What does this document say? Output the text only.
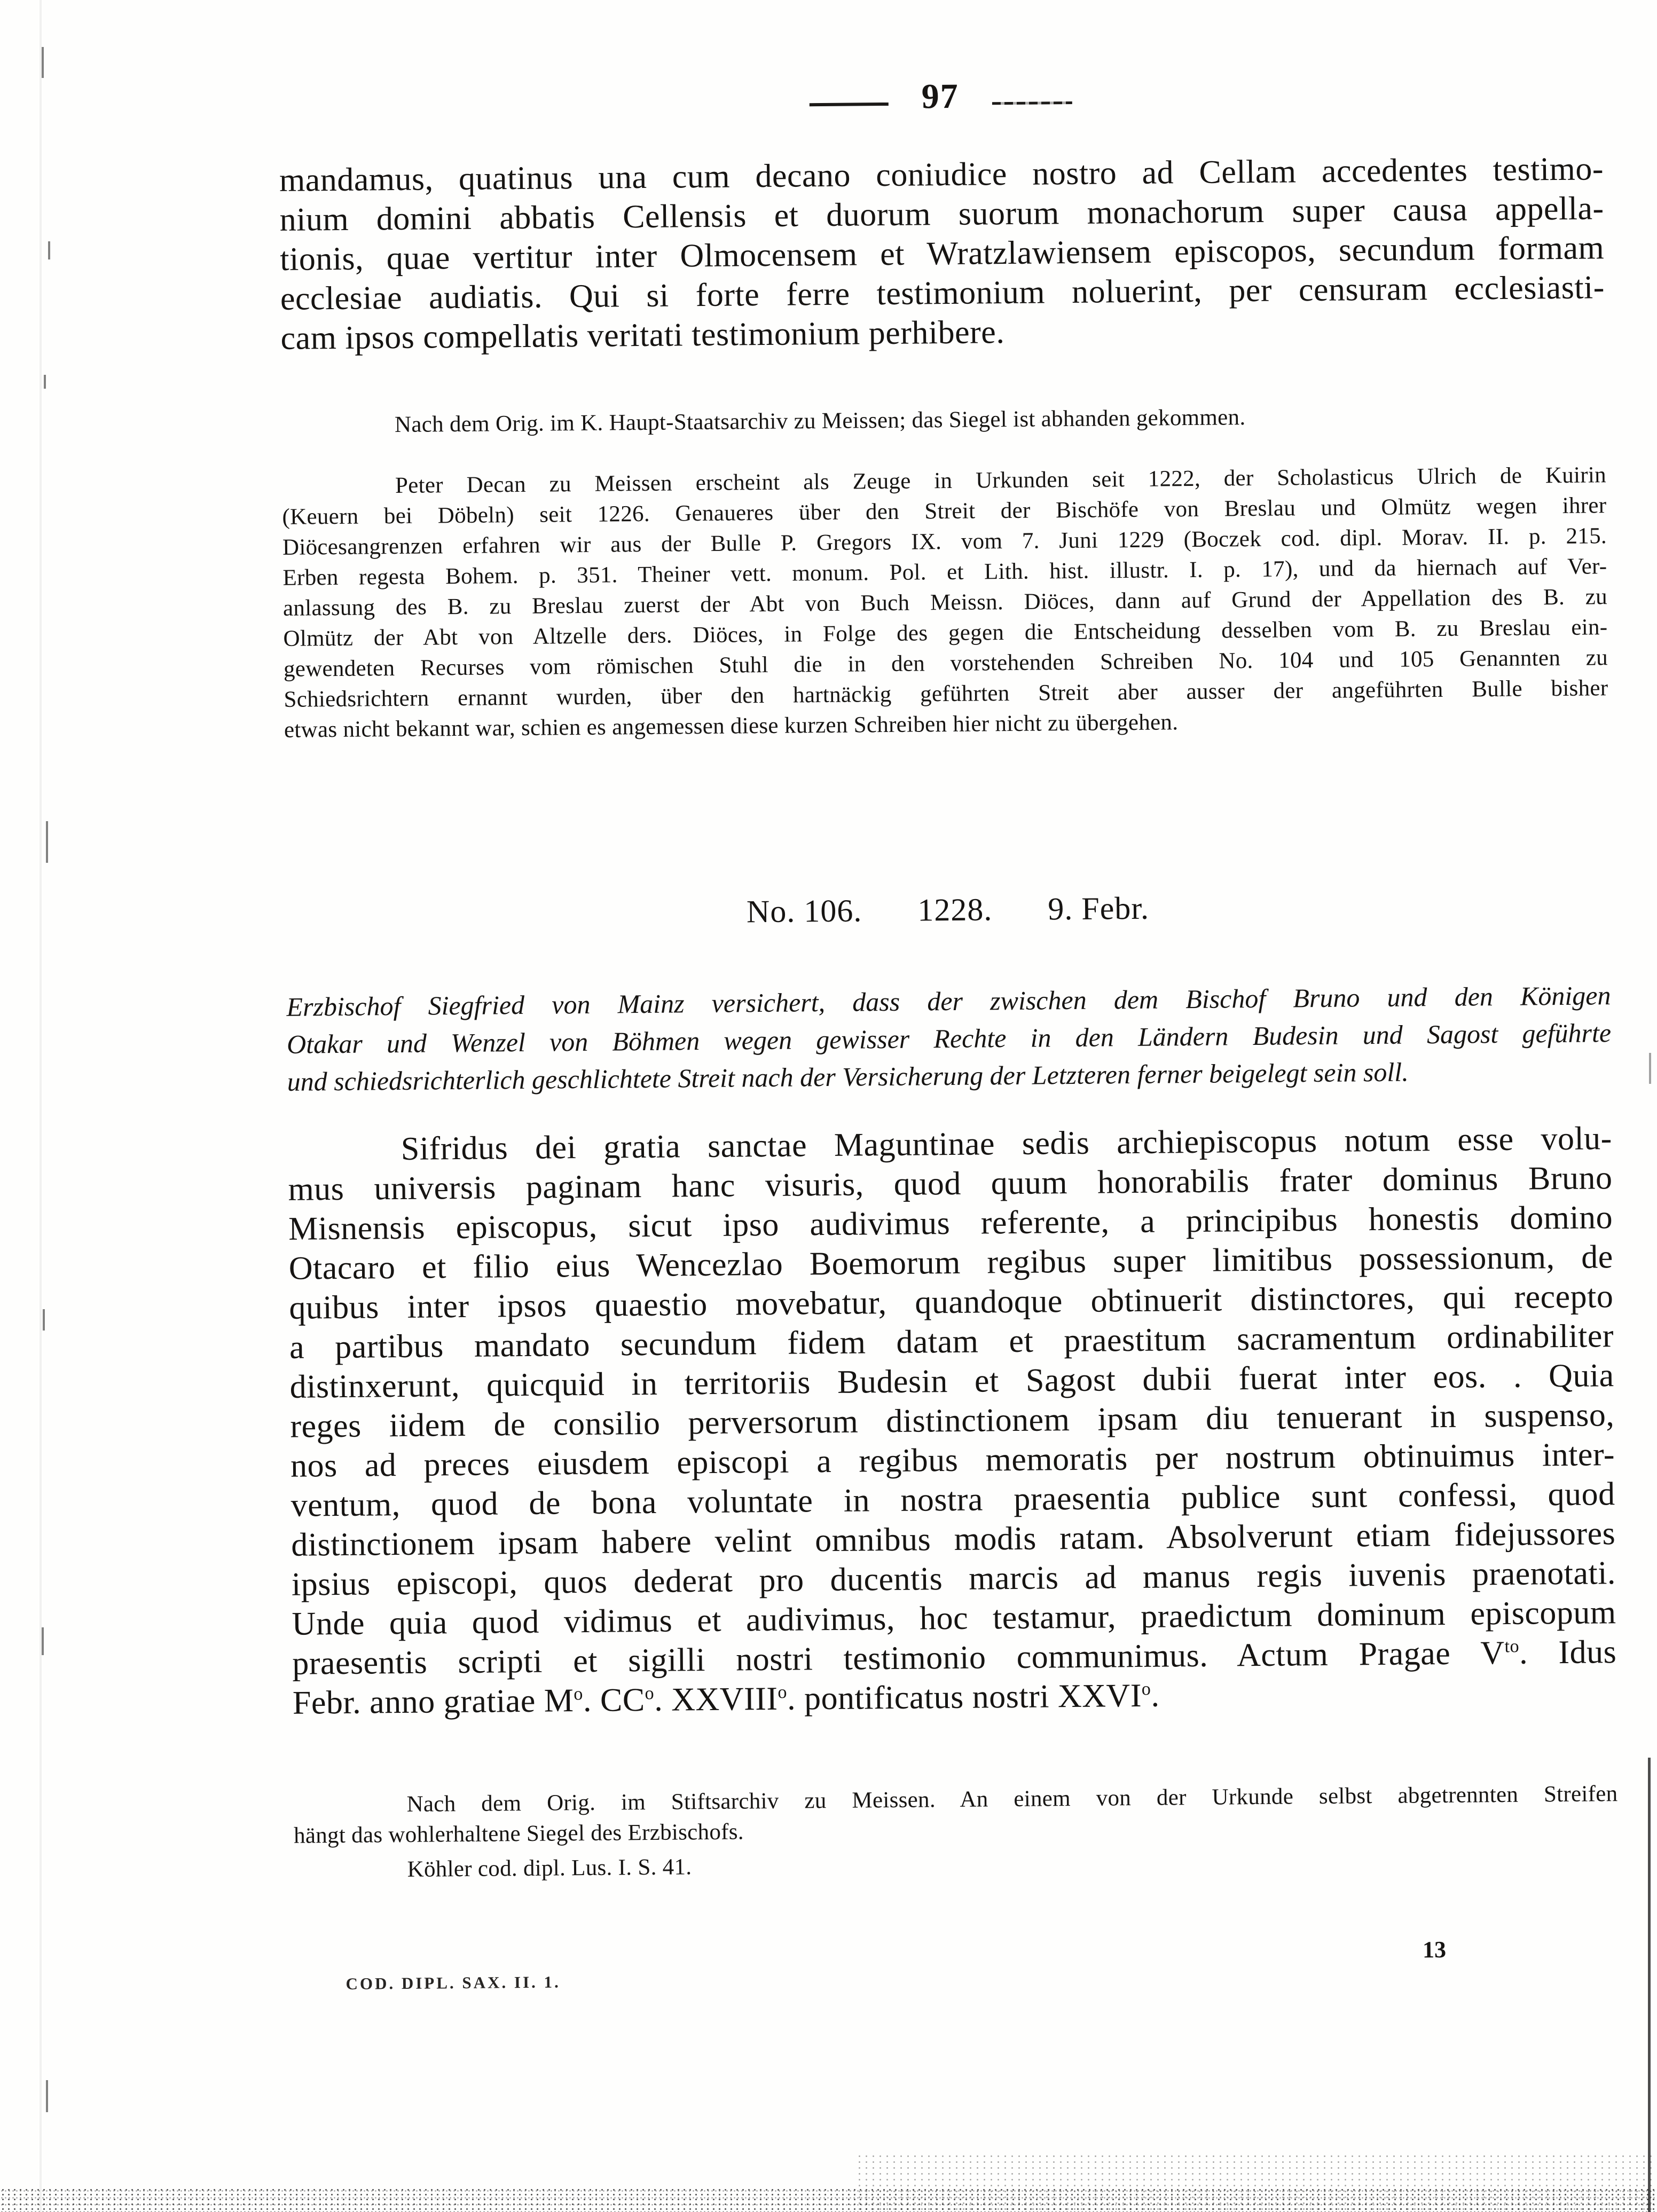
97
mandamus, quatinus una cum decano coniudice nostro ad Cellam accedentes testimo-
nium domini abbatis Cellensis et duorum suorum monachorum super causa appella-
tionis, quae vertitur inter Olmocensem et Wratzlawiensem episcopos, secundum formam
ecclesiae audiatis. Qui si forte ferre testimonium noluerint, per censuram ecclesiasti-
cam ipsos compellatis veritati testimonium perhibere.
Nach dem Orig. im K. Haupt-Staatsarchiv zu Meissen; das Siegel ist abhanden gekommen.
Peter Decan zu Meissen erscheint als Zeuge in Urkunden seit 1222, der Scholasticus Ulrich de Kuirin
(Keuern bei Döbeln) seit 1226. Genaueres über den Streit der Bischöfe von Breslau und Olmütz wegen ihrer
Diöcesangrenzen erfahren wir aus der Bulle P. Gregors IX. vom 7. Juni 1229 (Boczek cod. dipl. Morav. II. p. 215.
Erben regesta Bohem. p. 351. Theiner vett. monum. Pol. et Lith. hist. illustr. I. p. 17), und da hiernach auf Ver-
anlassung des B. zu Breslau zuerst der Abt von Buch Meissn. Diöces, dann auf Grund der Appellation des B. zu
Olmütz der Abt von Altzelle ders. Diöces, in Folge des gegen die Entscheidung desselben vom B. zu Breslau ein-
gewendeten Recurses vom römischen Stuhl die in den vorstehenden Schreiben No. 104 und 105 Genannten zu
Schiedsrichtern ernannt wurden, über den hartnäckig geführten Streit aber ausser der angeführten Bulle bisher
etwas nicht bekannt war, schien es angemessen diese kurzen Schreiben hier nicht zu übergehen.
No. 106. 1228. 9. Febr.
Erzbischof Siegfried von Mainz versichert, dass der zwischen dem Bischof Bruno und den Königen
Otakar und Wenzel von Böhmen wegen gewisser Rechte in den Ländern Budesin und Sagost geführte
und schiedsrichterlich geschlichtete Streit nach der Versicherung der Letzteren ferner beigelegt sein soll.
Sifridus dei gratia sanctae Maguntinae sedis archiepiscopus notum esse volu-
mus universis paginam hanc visuris, quod quum honorabilis frater dominus Bruno
Misnensis episcopus, sicut ipso audivimus referente, a principibus honestis domino
Otacaro et filio eius Wencezlao Boemorum regibus super limitibus possessionum, de
quibus inter ipsos quaestio movebatur, quandoque obtinuerit distinctores, qui recepto
a partibus mandato secundum fidem datam et praestitum sacramentum ordinabiliter
distinxerunt, quicquid in territoriis Budesin et Sagost dubii fuerat inter eos. . Quia
reges iidem de consilio perversorum distinctionem ipsam diu tenuerant in suspenso,
nos ad preces eiusdem episcopi a regibus memoratis per nostrum obtinuimus inter-
ventum, quod de bona voluntate in nostra praesentia publice sunt confessi, quod
distinctionem ipsam habere velint omnibus modis ratam. Absolverunt etiam fidejussores
ipsius episcopi, quos dederat pro ducentis marcis ad manus regis iuvenis praenotati.
Unde quia quod vidimus et audivimus, hoc testamur, praedictum dominum episcopum
praesentis scripti et sigilli nostri testimonio communimus. Actum Pragae $V^{to}$. Idus
Febr. anno gratiae $M^o$. $CC^o$. XXVIII$^o$. pontificatus nostri XXVI$^o$.
Nach dem Orig. im Stiftsarchiv zu Meissen. An einem von der Urkunde selbst abgetrennten Streifen
hängt das wohlerhaltene Siegel des Erzbischofs.
Köhler cod. dipl. Lus. I. S. 41.
COD. DIPL. SAX. II. 1.
13
